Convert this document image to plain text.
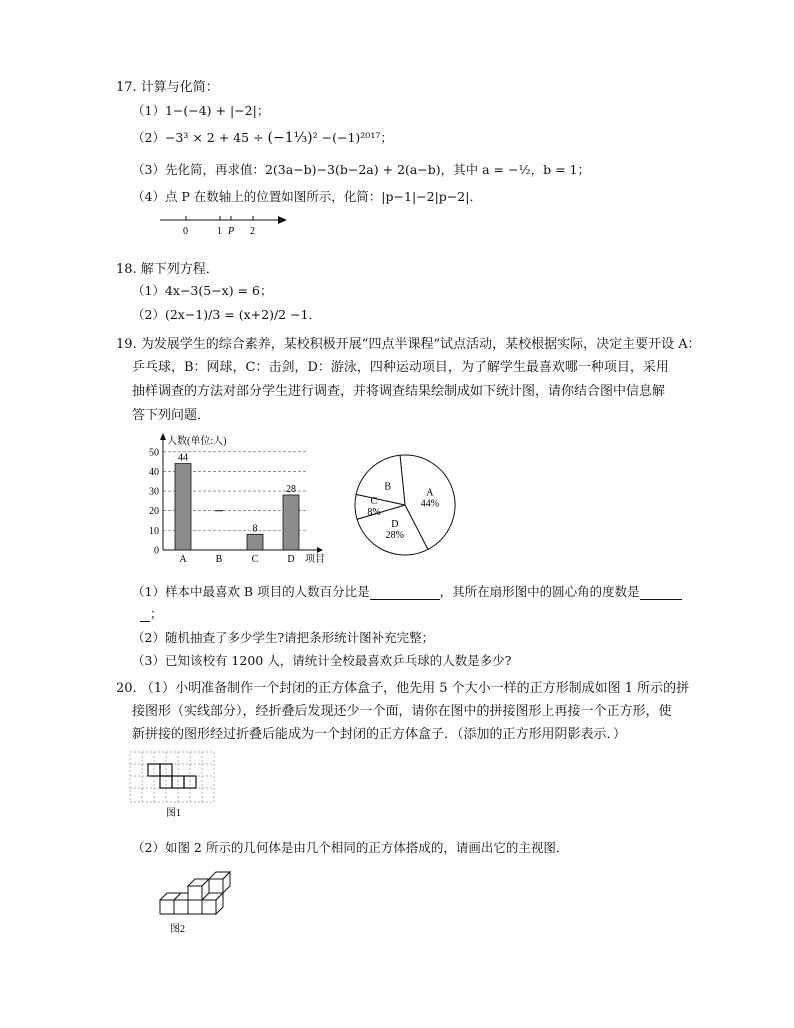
17. 计算与化简：
（1）1−(−4) + |−2|；
（2）−3³ × 2 + 45 ÷ (−1⅓)² −(−1)²⁰¹⁷；
（3）先化简，再求值：2(3a−b)−3(b−2a) + 2(a−b)，其中 a = −½，b = 1；
（4）点 P 在数轴上的位置如图所示，化简：|p−1|−2|p−2|．
0	1 P 2
18. 解下列方程．
（1）4x−3(5−x) = 6；
（2）(2x−1)/3 = (x+2)/2 −1．
19. 为发展学生的综合素养，某校积极开展“四点半课程”试点活动，某校根据实际，决定主要开设 A：
乒乓球，B：网球，C：击剑，D：游泳，四种运动项目，为了解学生最喜欢哪一种项目，采用
抽样调查的方法对部分学生进行调查，并将调查结果绘制成如下统计图，请你结合图中信息解
答下列问题．
0
10
20
30
40
50
人数(单位:人)
项目
44
A	B
8
C
28
D
A
44%
B
C
8%
D
28%
（1）样本中最喜欢 B 项目的人数百分比是	，其所在扇形图中的圆心角的度数是
；
（2）随机抽查了多少学生?请把条形统计图补充完整；
（3）已知该校有 1200 人，请统计全校最喜欢乒乓球的人数是多少?
20. （1）小明准备制作一个封闭的正方体盒子，他先用 5 个大小一样的正方形制成如图 1 所示的拼
接图形（实线部分），经折叠后发现还少一个面，请你在图中的拼接图形上再接一个正方形，使
新拼接的图形经过折叠后能成为一个封闭的正方体盒子．（添加的正方形用阴影表示．）
图1
（2）如图 2 所示的几何体是由几个相同的正方体搭成的，请画出它的主视图．
图2
